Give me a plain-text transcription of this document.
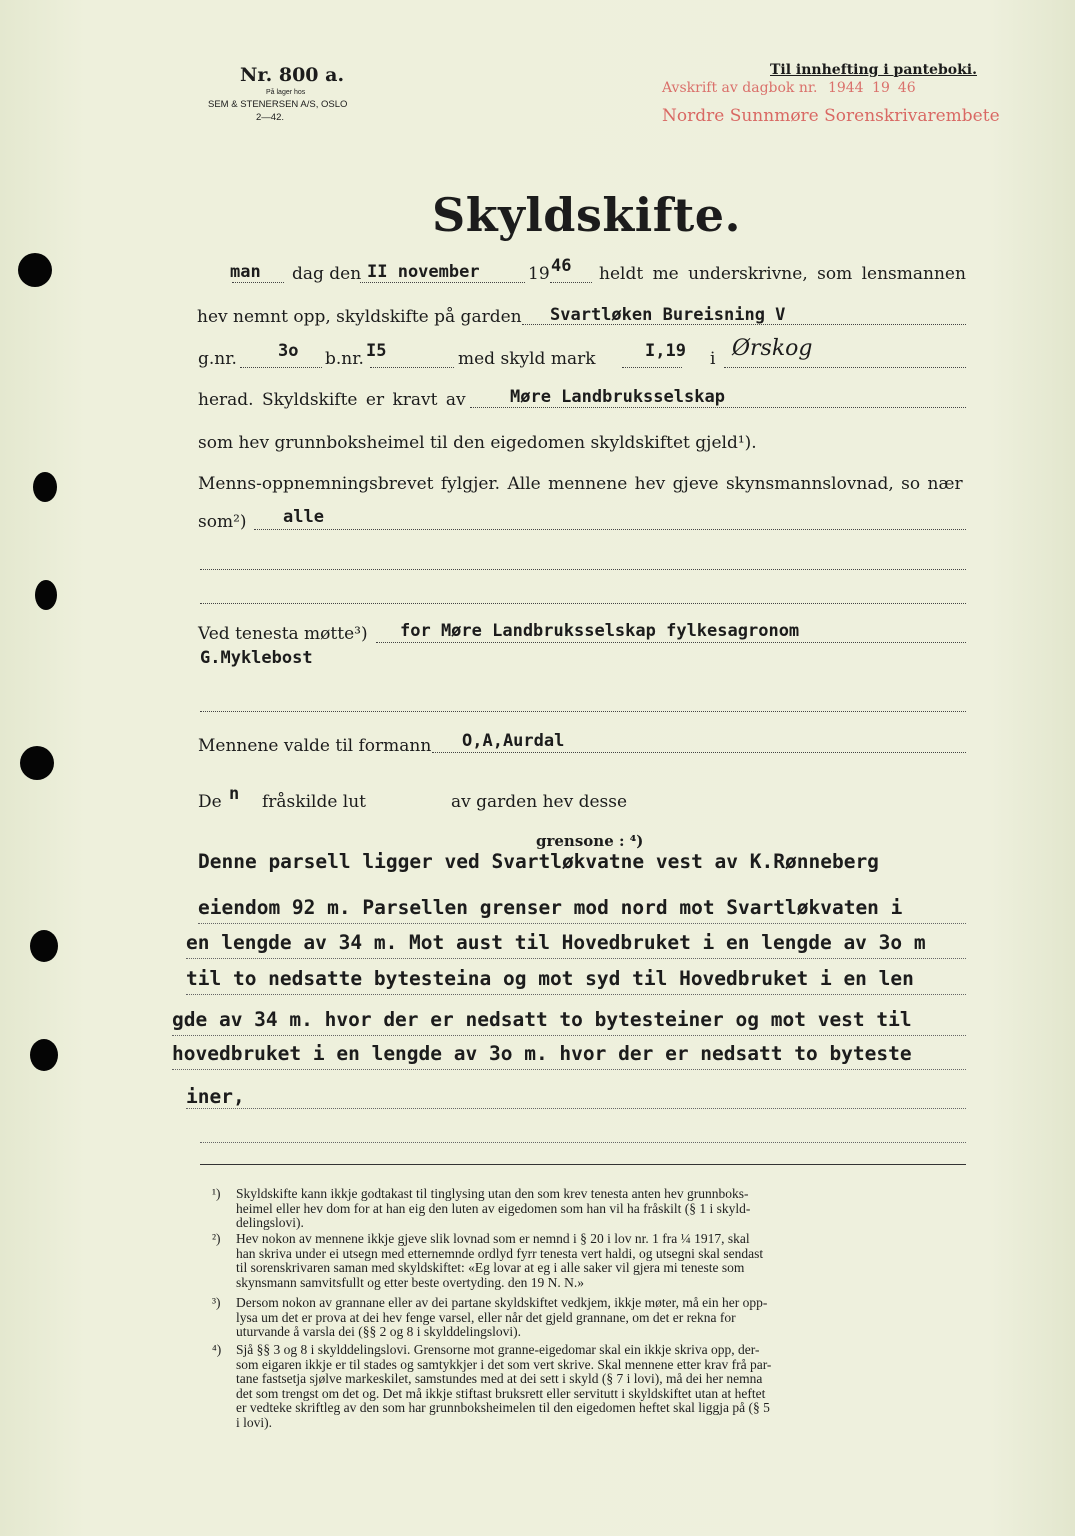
Nr. 800 a.
På lager hos
SEM & STENERSEN A/S, OSLO
2—42.
Til innhefting i panteboki.
Avskrift av dagbok nr. 1944 19 46
Nordre Sunnmøre Sorenskrivarembete
Skyldskifte.
man dag den II november	19 46 heldt me underskrivne, som lensmannen
hev nemnt opp, skyldskifte på garden Svartløken Bureisning V
g.nr. 3o b.nr. I5	med skyld mark	I,19 i Ørskog
herad. Skyldskifte er kravt av	Møre Landbruksselskap
som hev grunnboksheimel til den eigedomen skyldskiftet gjeld¹).
Menns-oppnemningsbrevet fylgjer. Alle mennene hev gjeve skynsmannslovnad, so nær
som²) alle
Ved tenesta møtte³) for Møre Landbruksselskap fylkesagronom
G.Myklebost
Mennene valde til formann O,A,Aurdal
De n fråskilde lut	av garden hev desse
grensone : ⁴)
Denne parsell ligger ved Svartløkvatne vest av K.Rønneberg
eiendom 92 m. Parsellen grenser mod nord mot Svartløkvaten i
en lengde av 34 m. Mot aust til Hovedbruket i en lengde av 3o m
til to nedsatte bytesteina og mot syd til Hovedbruket i en len
gde av 34 m. hvor der er nedsatt to bytesteiner og mot vest til
hovedbruket i en lengde av 3o m. hvor der er nedsatt to byteste
iner,
¹) Skyldskifte kann ikkje godtakast til tinglysing utan den som krev tenesta anten hev grunnboks-
heimel eller hev dom for at han eig den luten av eigedomen som han vil ha fråskilt (§ 1 i skyld-
delingslovi).
²) Hev nokon av mennene ikkje gjeve slik lovnad som er nemnd i § 20 i lov nr. 1 fra ¼ 1917, skal
han skriva under ei utsegn med etternemnde ordlyd fyrr tenesta vert haldi, og utsegni skal sendast
til sorenskrivaren saman med skyldskiftet: «Eg lovar at eg i alle saker vil gjera mi teneste som
skynsmann samvitsfullt og etter beste overtyding. den 19 N. N.»
³) Dersom nokon av grannane eller av dei partane skyldskiftet vedkjem, ikkje møter, må ein her opp-
lysa um det er prova at dei hev fenge varsel, eller når det gjeld grannane, om det er rekna for
uturvande å varsla dei (§§ 2 og 8 i skylddelingslovi).
⁴) Sjå §§ 3 og 8 i skylddelingslovi. Grensorne mot granne-eigedomar skal ein ikkje skriva opp, der-
som eigaren ikkje er til stades og samtykkjer i det som vert skrive. Skal mennene etter krav frå par-
tane fastsetja sjølve markeskilet, samstundes med at dei sett i skyld (§ 7 i lovi), må dei her nemna
det som trengst om det og. Det må ikkje stiftast bruksrett eller servitutt i skyldskiftet utan at heftet
er vedteke skriftleg av den som har grunnboksheimelen til den eigedomen heftet skal liggja på (§ 5
i lovi).
